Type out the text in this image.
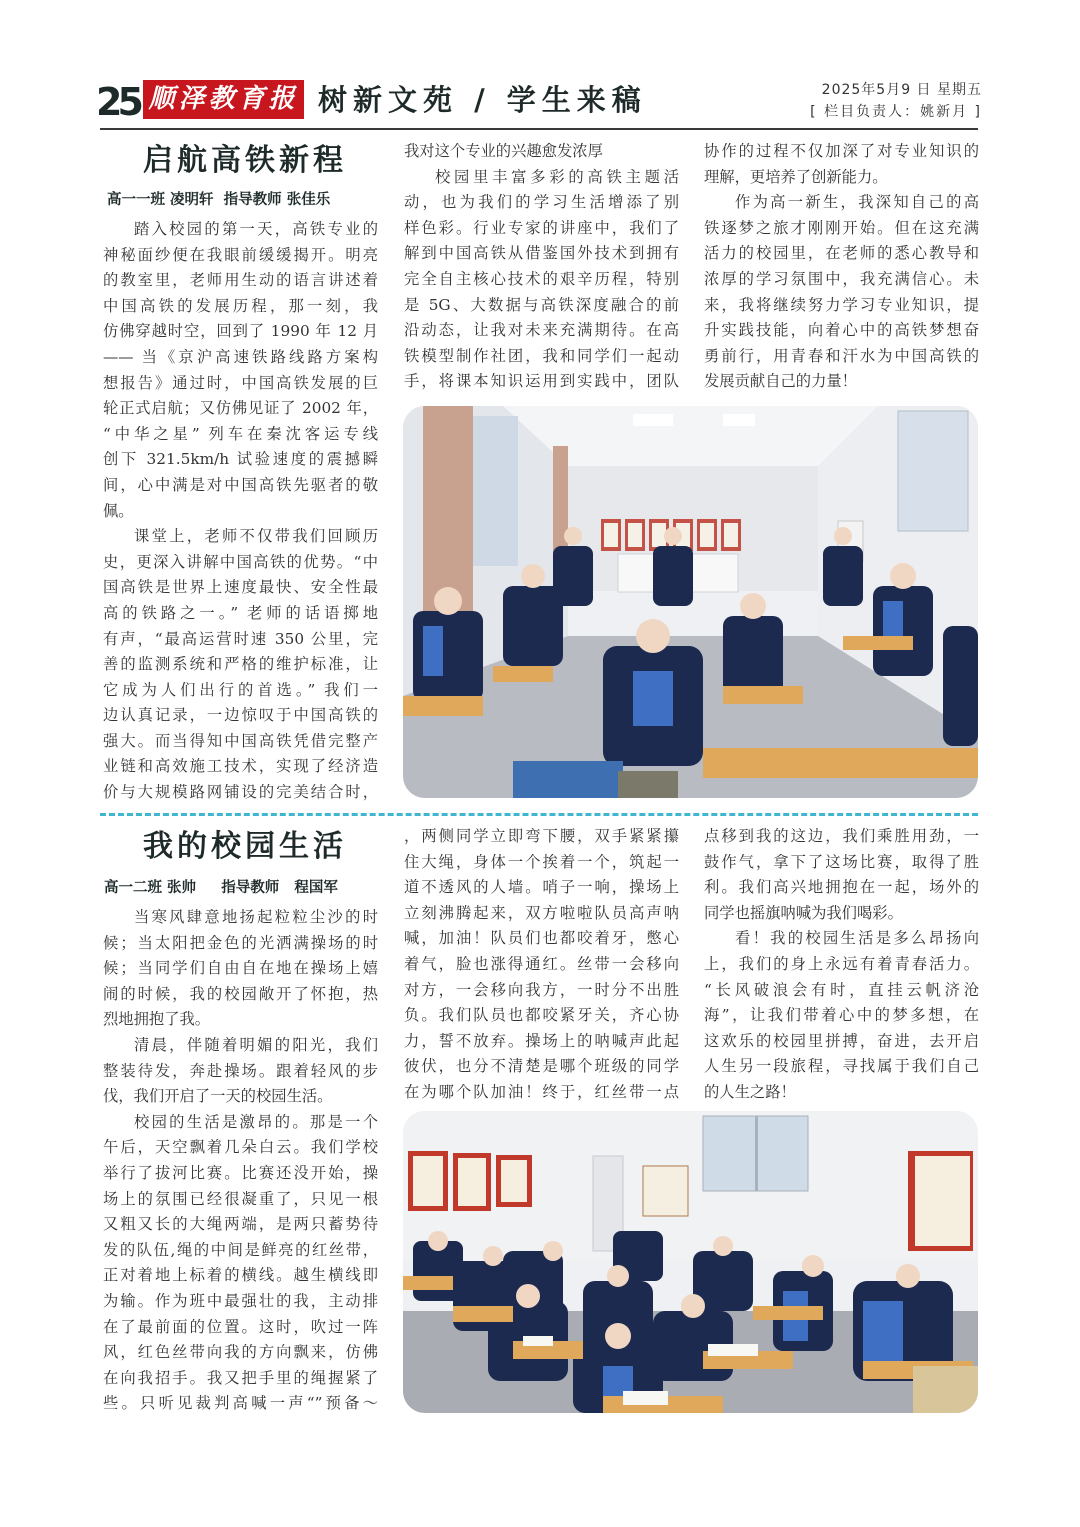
25 顺泽教育报 树新文苑 / 学生来稿	2025年5月9 日 星期五
[ 栏目负责人：姚新月 ]
启航高铁新程
高一一班 凌明轩  指导教师 张佳乐
踏入校园的第一天，高铁专业的
神秘面纱便在我眼前缓缓揭开。明亮
的教室里，老师用生动的语言讲述着
中国高铁的发展历程，那一刻，我
仿佛穿越时空，回到了 1990 年 12 月
—— 当《京沪高速铁路线路方案构
想报告》通过时，中国高铁发展的巨
轮正式启航；又仿佛见证了 2002 年，
“中华之星” 列车在秦沈客运专线
创下 321.5km/h 试验速度的震撼瞬
间，心中满是对中国高铁先驱者的敬
佩。
课堂上，老师不仅带我们回顾历
史，更深入讲解中国高铁的优势。“中
国高铁是世界上速度最快、安全性最
高的铁路之一。” 老师的话语掷地
有声，“最高运营时速 350 公里，完
善的监测系统和严格的维护标准，让
它成为人们出行的首选。” 我们一
边认真记录，一边惊叹于中国高铁的
强大。而当得知中国高铁凭借完整产
业链和高效施工技术，实现了经济造
价与大规模路网铺设的完美结合时，
我对这个专业的兴趣愈发浓厚
校园里丰富多彩的高铁主题活
动，也为我们的学习生活增添了别
样色彩。行业专家的讲座中，我们了
解到中国高铁从借鉴国外技术到拥有
完全自主核心技术的艰辛历程，特别
是 5G、大数据与高铁深度融合的前
沿动态，让我对未来充满期待。在高
铁模型制作社团，我和同学们一起动
手，将课本知识运用到实践中，团队
协作的过程不仅加深了对专业知识的
理解，更培养了创新能力。
作为高一新生，我深知自己的高
铁逐梦之旅才刚刚开始。但在这充满
活力的校园里，在老师的悉心教导和
浓厚的学习氛围中，我充满信心。未
来，我将继续努力学习专业知识，提
升实践技能，向着心中的高铁梦想奋
勇前行，用青春和汗水为中国高铁的
发展贡献自己的力量！
我的校园生活
高一二班 张帅     指导教师   程国军
当寒风肆意地扬起粒粒尘沙的时
候；当太阳把金色的光洒满操场的时
候；当同学们自由自在地在操场上嬉
闹的时候，我的校园敞开了怀抱，热
烈地拥抱了我。
清晨，伴随着明媚的阳光，我们
整装待发，奔赴操场。跟着轻风的步
伐，我们开启了一天的校园生活。
校园的生活是激昂的。那是一个
午后，天空飘着几朵白云。我们学校
举行了拔河比赛。比赛还没开始，操
场上的氛围已经很凝重了，只见一根
又粗又长的大绳两端，是两只蓄势待
发的队伍,绳的中间是鲜亮的红丝带，
正对着地上标着的横线。越生横线即
为输。作为班中最强壮的我，主动排
在了最前面的位置。这时，吹过一阵
风，红色丝带向我的方向飘来，仿佛
在向我招手。我又把手里的绳握紧了
些。只听见裁判高喊一声“”预备～
，两侧同学立即弯下腰，双手紧紧攥
住大绳，身体一个挨着一个，筑起一
道不透风的人墙。哨子一响，操场上
立刻沸腾起来，双方啦啦队员高声呐
喊，加油！队员们也都咬着牙，憋心
着气，脸也涨得通红。丝带一会移向
对方，一会移向我方，一时分不出胜
负。我们队员也都咬紧牙关，齐心协
力，誓不放弃。操场上的呐喊声此起
彼伏，也分不清楚是哪个班级的同学
在为哪个队加油！终于，红丝带一点
点移到我的这边，我们乘胜用劲，一
鼓作气，拿下了这场比赛，取得了胜
利。我们高兴地拥抱在一起，场外的
同学也摇旗呐喊为我们喝彩。
看！我的校园生活是多么昂扬向
上，我们的身上永远有着青春活力。
“长风破浪会有时，直挂云帆济沧
海”，让我们带着心中的梦多想，在
这欢乐的校园里拼搏，奋进，去开启
人生另一段旅程，寻找属于我们自己
的人生之路！
